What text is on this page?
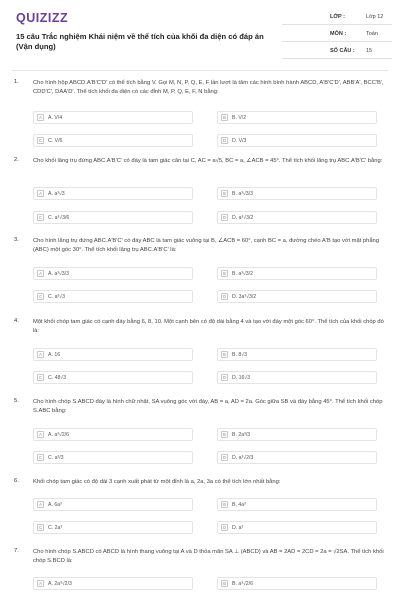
QUIZIZZ
15 câu Trắc nghiệm Khái niệm về thể tích của khối đa diện có đáp án (Vận dụng)
LỚP :	Lớp 12
MÔN :	Toán
SỐ CÂU : 15
1. Cho hình hộp ABCD.A'B'C'D' có thể tích bằng V. Gọi M, N, P, Q, E, F lần lượt là tâm các hình bình hành ABCD, A'B'C'D', ABB'A', BCC'B', CDD'C', DAA'D'. Thể tích khối đa diện có các đỉnh M, P, Q, E, F, N bằng:
A	A. V/4	B	B. V/2
C	C. V/6	D	D. V/3
2. Cho khối lăng trụ đứng ABC.A'B'C' có đáy là tam giác cân tại C, AC = a√5, BC = a, ∠ACB = 45°. Thể tích khối lăng trụ ABC.A'B'C' bằng:
A	A. a³√3	B	B. a³√3/3
C	C. a³√3/6	D	D. a³√3/2
3. Cho hình lăng trụ đứng ABC.A'B'C' có đáy ABC là tam giác vuông tại B, ∠ACB = 60°, cạnh BC = a, đường chéo A'B tạo với mặt phẳng (ABC) một góc 30°. Thể tích khối lăng trụ ABC.A'B'C' là:
A	A. a³√3/3	B	B. a³√3/2
C	C. a³√3	D	D. 3a³√3/2
4. Một khối chóp tam giác có cạnh đáy bằng 6, 8, 10. Một cạnh bên có độ dài bằng 4 và tạo với đáy một góc 60°. Thể tích của khối chóp đó là:
A	A. 16	B	B. 8√3
C	C. 48√3	D	D. 16√3
5. Cho hình chóp S.ABCD đáy là hình chữ nhật, SA vuông góc với đáy, AB = a, AD = 2a. Góc giữa SB và đáy bằng 45°. Thể tích khối chóp S.ABC bằng:
A	A. a³√2/6	B	B. 2a³/3
C	C. a³/3	D	D. a³√2/3
6. Khối chóp tam giác có độ dài 3 cạnh xuất phát từ một đỉnh là a, 2a, 3a có thể tích lớn nhất bằng:
A	A. 6a³	B	B. 4a³
C	C. 2a³	D	D. a³
7. Cho hình chóp S.ABCD có ABCD là hình thang vuông tại A và D thỏa mãn SA ⊥ (ABCD) và AB = 2AD = 2CD = 2a = √2SA. Thể tích khối chóp S.BCD là:
A	A. 2a³√2/3	B	B. a³√2/6
